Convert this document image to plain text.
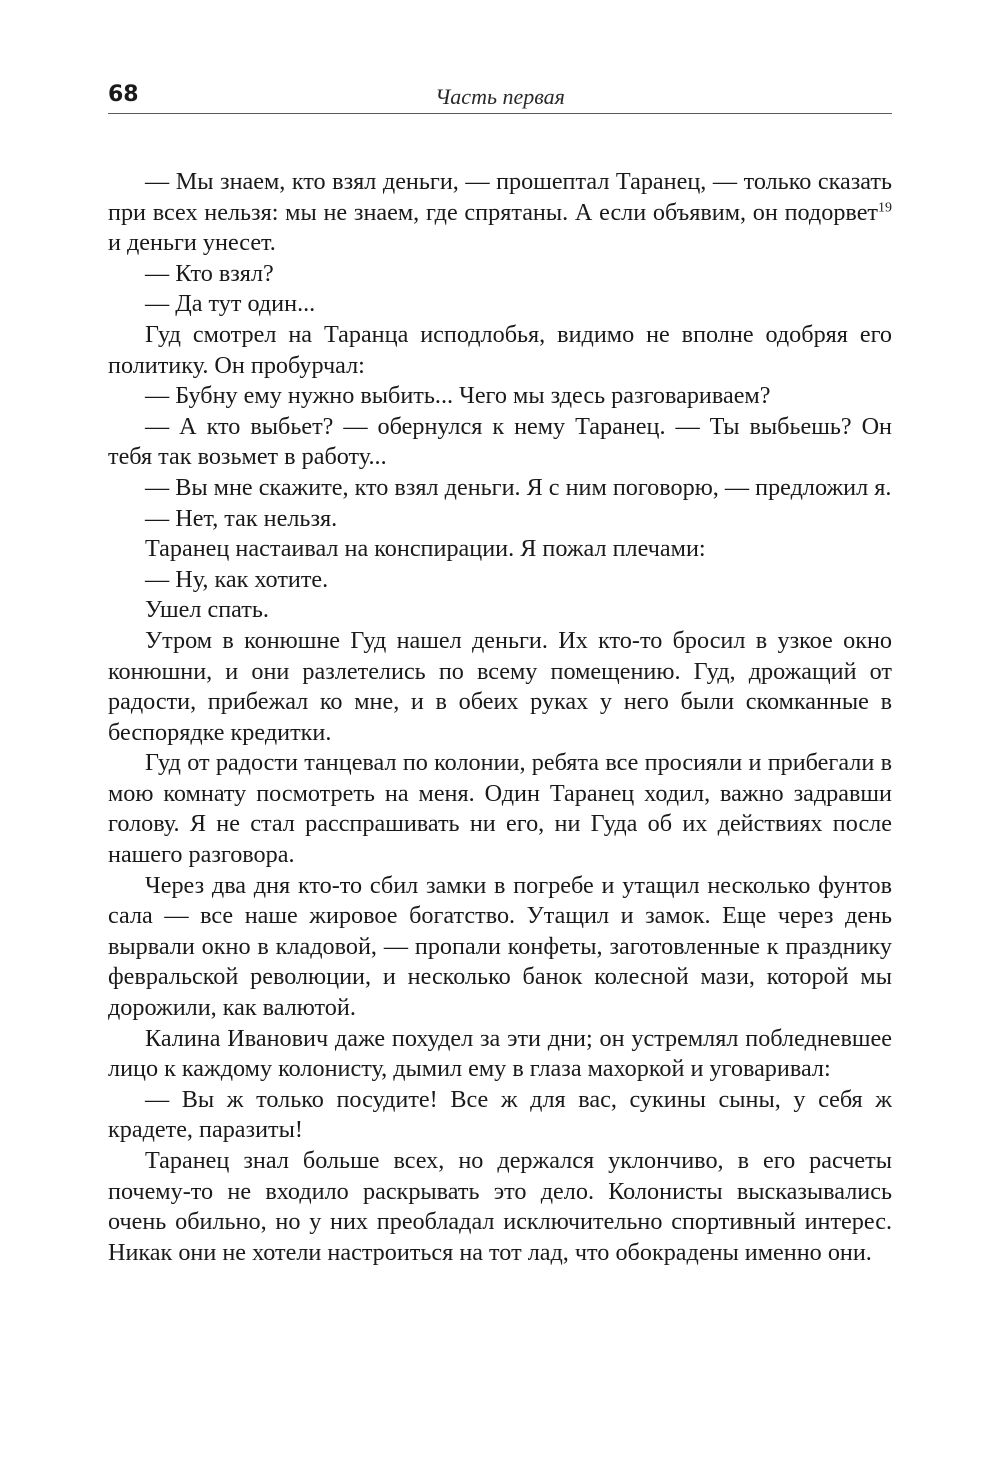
68	Часть первая

— Мы знаем, кто взял деньги, — прошептал Таранец, — только сказать при всех нельзя: мы не знаем, где спрятаны. А если объявим, он подорвет$^{19}$ и деньги унесет.

— Кто взял?

— Да тут один...

Гуд смотрел на Таранца исподлобья, видимо не вполне одобряя его политику. Он пробурчал:

— Бубну ему нужно выбить... Чего мы здесь разговариваем?

— А кто выбьет? — обернулся к нему Таранец. — Ты выбьешь? Он тебя так возьмет в работу...

— Вы мне скажите, кто взял деньги. Я с ним поговорю, — предложил я.

— Нет, так нельзя.

Таранец настаивал на конспирации. Я пожал плечами:

— Ну, как хотите.

Ушел спать.

Утром в конюшне Гуд нашел деньги. Их кто-то бросил в узкое окно конюшни, и они разлетелись по всему помещению. Гуд, дрожащий от радости, прибежал ко мне, и в обеих руках у него были скомканные в беспорядке кредитки.

Гуд от радости танцевал по колонии, ребята все просияли и прибегали в мою комнату посмотреть на меня. Один Таранец ходил, важно задравши голову. Я не стал расспрашивать ни его, ни Гуда об их действиях после нашего разговора.

Через два дня кто-то сбил замки в погребе и утащил несколько фунтов сала — все наше жировое богатство. Утащил и замок. Еще через день вырвали окно в кладовой, — пропали конфеты, заготовленные к празднику февральской революции, и несколько банок колесной мази, которой мы дорожили, как валютой.

Калина Иванович даже похудел за эти дни; он устремлял побледневшее лицо к каждому колонисту, дымил ему в глаза махоркой и уговаривал:

— Вы ж только посудите! Все ж для вас, сукины сыны, у себя ж крадете, паразиты!

Таранец знал больше всех, но держался уклончиво, в его расчеты почему-то не входило раскрывать это дело. Колонисты высказывались очень обильно, но у них преобладал исключительно спортивный интерес. Никак они не хотели настроиться на тот лад, что обокрадены именно они.
